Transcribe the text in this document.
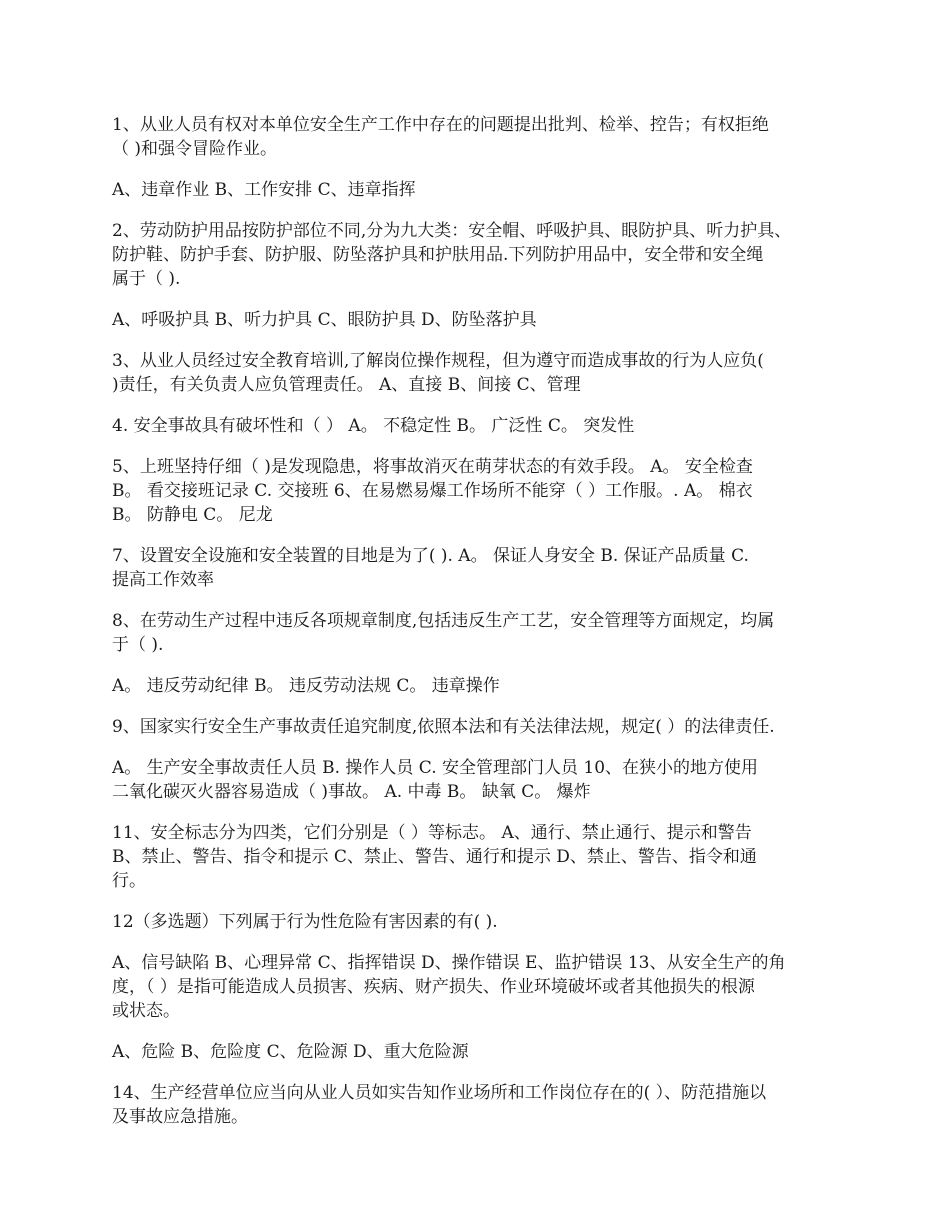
1、从业人员有权对本单位安全生产工作中存在的问题提出批判、检举、控告；有权拒绝
（ )和强令冒险作业。

A、违章作业 B、工作安排 C、违章指挥

2、劳动防护用品按防护部位不同,分为九大类：安全帽、呼吸护具、眼防护具、听力护具、
防护鞋、防护手套、防护服、防坠落护具和护肤用品.下列防护用品中，安全带和安全绳
属于（ ).

A、呼吸护具 B、听力护具 C、眼防护具 D、防坠落护具

3、从业人员经过安全教育培训,了解岗位操作规程，但为遵守而造成事故的行为人应负(
)责任，有关负责人应负管理责任。 A、直接 B、间接 C、管理

4. 安全事故具有破坏性和（ ） A。 不稳定性 B。 广泛性 C。 突发性

5、上班坚持仔细（ )是发现隐患，将事故消灭在萌芽状态的有效手段。 A。 安全检查
B。 看交接班记录 C. 交接班 6、在易燃易爆工作场所不能穿（ ）工作服。. A。 棉衣
B。 防静电 C。 尼龙

7、设置安全设施和安全装置的目地是为了( ). A。 保证人身安全 B. 保证产品质量 C.
提高工作效率

8、在劳动生产过程中违反各项规章制度,包括违反生产工艺，安全管理等方面规定，均属
于（ ).

A。 违反劳动纪律 B。 违反劳动法规 C。 违章操作

9、国家实行安全生产事故责任追究制度,依照本法和有关法律法规，规定( ）的法律责任.

A。 生产安全事故责任人员 B. 操作人员 C. 安全管理部门人员 10、在狭小的地方使用
二氧化碳灭火器容易造成（ )事故。 A. 中毒 B。 缺氧 C。 爆炸

11、安全标志分为四类，它们分别是（ ）等标志。 A、通行、禁止通行、提示和警告
B、禁止、警告、指令和提示 C、禁止、警告、通行和提示 D、禁止、警告、指令和通
行。

12（多选题）下列属于行为性危险有害因素的有( ).

A、信号缺陷 B、心理异常 C、指挥错误 D、操作错误 E、监护错误 13、从安全生产的角
度，（ ）是指可能造成人员损害、疾病、财产损失、作业环境破坏或者其他损失的根源
或状态。

A、危险 B、危险度 C、危险源 D、重大危险源

14、生产经营单位应当向从业人员如实告知作业场所和工作岗位存在的( ）、防范措施以
及事故应急措施。
